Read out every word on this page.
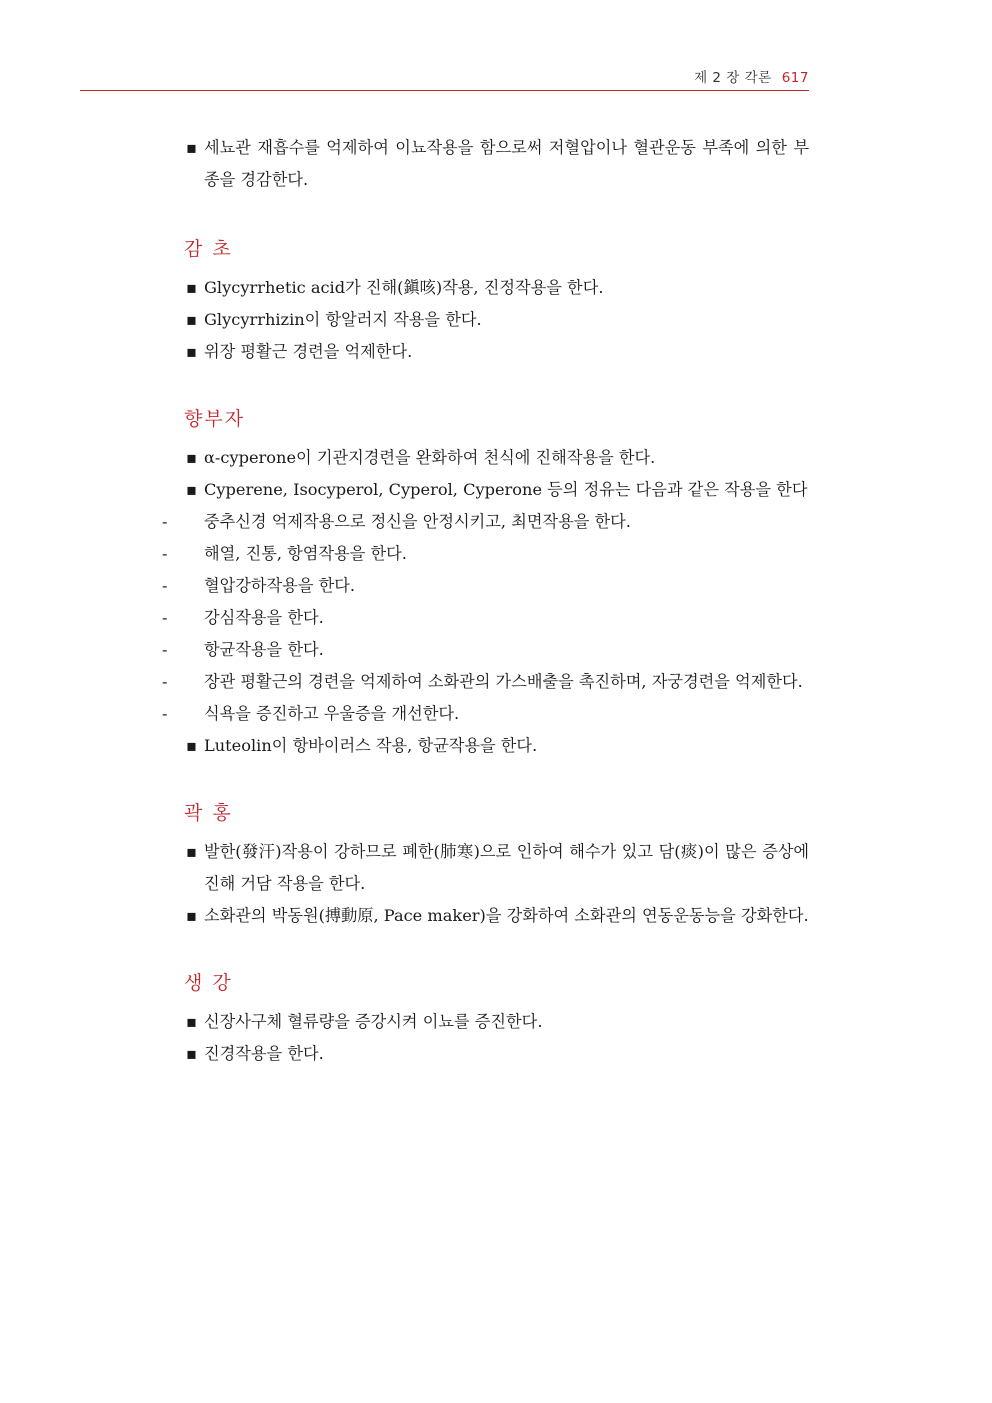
제 2 장 각론 617
▪ 세뇨관 재흡수를 억제하여 이뇨작용을 함으로써 저혈압이나 혈관운동 부족에 의한 부종을 경감한다.
감 초
▪ Glycyrrhetic acid가 진해(鎭咳)작용, 진정작용을 한다.
▪ Glycyrrhizin이 항알러지 작용을 한다.
▪ 위장 평활근 경련을 억제한다.
향부자
▪ α-cyperone이 기관지경련을 완화하여 천식에 진해작용을 한다.
▪ Cyperene, Isocyperol, Cyperol, Cyperone 등의 정유는 다음과 같은 작용을 한다
- 중추신경 억제작용으로 정신을 안정시키고, 최면작용을 한다.
- 해열, 진통, 항염작용을 한다.
- 혈압강하작용을 한다.
- 강심작용을 한다.
- 항균작용을 한다.
- 장관 평활근의 경련을 억제하여 소화관의 가스배출을 촉진하며, 자궁경련을 억제한다.
- 식욕을 증진하고 우울증을 개선한다.
▪ Luteolin이 항바이러스 작용, 항균작용을 한다.
곽 홍
▪ 발한(發汗)작용이 강하므로 폐한(肺寒)으로 인하여 해수가 있고 담(痰)이 많은 증상에 진해 거담 작용을 한다.
▪ 소화관의 박동원(搏動原, Pace maker)을 강화하여 소화관의 연동운동능을 강화한다.
생 강
▪ 신장사구체 혈류량을 증강시켜 이뇨를 증진한다.
▪ 진경작용을 한다.
